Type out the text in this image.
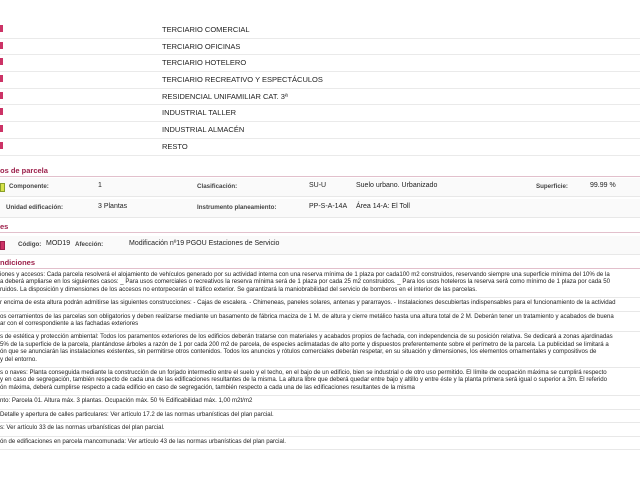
TERCIARIO COMERCIAL
TERCIARIO OFICINAS
TERCIARIO HOTELERO
TERCIARIO RECREATIVO Y ESPECTÁCULOS
RESIDENCIAL UNIFAMILIAR CAT. 3ª
INDUSTRIAL TALLER
INDUSTRIAL ALMACÉN
RESTO
os de parcela
Componente:	1	Clasificación:	SU-U	Suelo urbano. Urbanizado	Superficie:	99.99 %
Unidad edificación:	3 Plantas	Instrumento planeamiento:	PP-S-A-14A Área 14-A: El Toll
es
Código: MOD19 Afección:	Modificación nº19 PGOU Estaciones de Servicio
ndiciones
iones y accesos: Cada parcela resolverá el alojamiento de vehículos generado por su actividad interna con una reserva mínima de 1 plaza por cada100 m2 construidos, reservando siempre una superficie mínima del 10% de la
a deberá ampliarse en los siguientes casos: _ Para usos comerciales o recreativos la reserva mínima será de 1 plaza por cada 25 m2 construidos. _ Para los usos hoteleros la reserva será como mínimo de 1 plaza por cada 50
ruidos. La disposición y dimensiones de los accesos no entorpecerán el tráfico exterior. Se garantizará la maniobrabilidad del servicio de bomberos en el interior de las parcelas.
r encima de esta altura podrán admitirse las siguientes construcciones: - Cajas de escalera. - Chimeneas, paneles solares, antenas y pararrayos. - Instalaciones descubiertas indispensables para el funcionamiento de la actividad
os cerramientos de las parcelas son obligatorios y deben realizarse mediante un basamento de fábrica maciza de 1 M. de altura y cierre metálico hasta una altura total de 2 M. Deberán tener un tratamiento y acabados de buena
ar con el correspondiente a las fachadas exteriores
s de estética y protección ambiental: Todos los paramentos exteriores de los edificios deberán tratarse con materiales y acabados propios de fachada, con independencia de su posición relativa. Se dedicará a zonas ajardinadas
5% de la superficie de la parcela, plantándose árboles a razón de 1 por cada 200 m2 de parcela, de especies aclimatadas de alto porte y dispuestos preferentemente sobre el perímetro de la parcela. La publicidad se limitará a
ón que se anunciarán las instalaciones existentes, sin permitirse otros contenidos. Todos los anuncios y rótulos comerciales deberán respetar, en su situación y dimensiones, los elementos ornamentales y compositivos de
y del entorno.
s o naves: Planta conseguida mediante la construcción de un forjado intermedio entre el suelo y el techo, en el bajo de un edificio, bien se industrial o de otro uso permitido. El límite de ocupación máxima se cumplirá respecto
y en caso de segregación, también respecto de cada una de las edificaciones resultantes de la misma. La altura libre que deberá quedar entre bajo y altillo y entre éste y la planta primera será igual o superior a 3m. El referido
ón máxima, deberá cumplirse respecto a cada edificio en caso de segregación, también respecto a cada una de las edificaciones resultantes de la misma
nto: Parcela 01. Altura máx. 3 plantas. Ocupación máx. 50 % Edificabilidad máx. 1,00 m2t/m2
Detalle y apertura de calles particulares: Ver artículo 17.2 de las normas urbanísticas del plan parcial.
s: Ver artículo 33 de las normas urbanísticas del plan parcial.
ón de edificaciones en parcela mancomunada: Ver artículo 43 de las normas urbanísticas del plan parcial.
